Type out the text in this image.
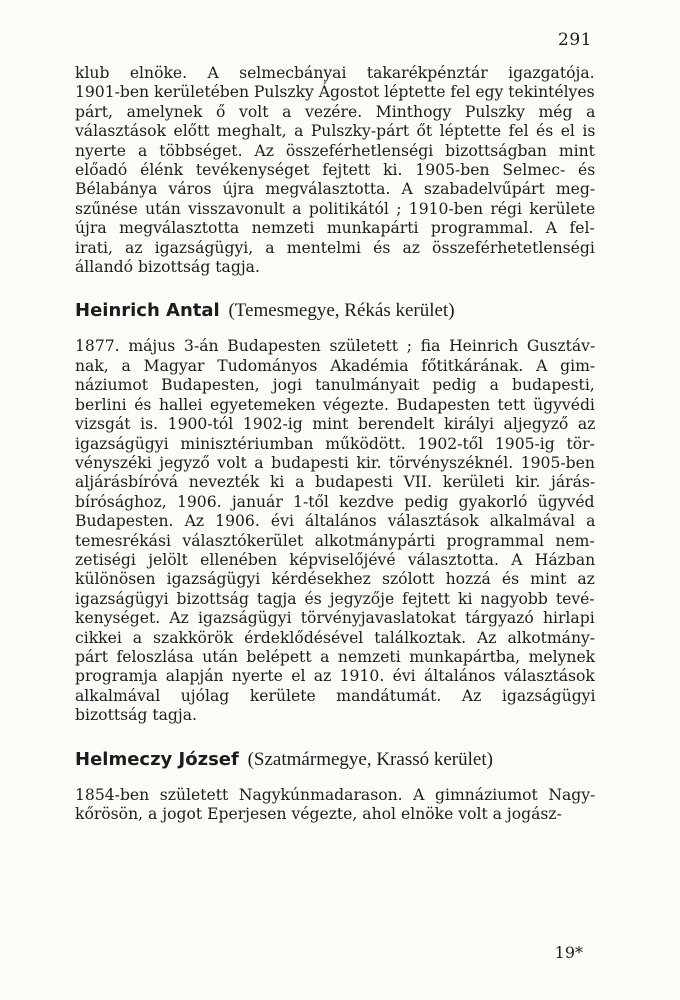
291

klub elnöke. A selmecbányai takarékpénztár igazgatója.
1901-ben kerületében Pulszky Ágostot léptette fel egy tekintélyes
párt, amelynek ő volt a vezére. Minthogy Pulszky még a
választások előtt meghalt, a Pulszky-párt őt léptette fel és el is
nyerte a többséget. Az összeférhetlenségi bizottságban mint
előadó élénk tevékenységet fejtett ki. 1905-ben Selmec- és
Bélabánya város újra megválasztotta. A szabadelvűpárt meg-
szűnése után visszavonult a politikától ; 1910-ben régi kerülete
újra megválasztotta nemzeti munkapárti programmal. A fel-
irati, az igazságügyi, a mentelmi és az összeférhetetlenségi
állandó bizottság tagja.

Heinrich Antal (Temesmegye, Rékás kerület)

1877. május 3-án Budapesten született ; fia Heinrich Gusztáv-
nak, a Magyar Tudományos Akadémia főtitkárának. A gim-
náziumot Budapesten, jogi tanulmányait pedig a budapesti,
berlini és hallei egyetemeken végezte. Budapesten tett ügyvédi
vizsgát is. 1900-tól 1902-ig mint berendelt királyi aljegyző az
igazságügyi minisztériumban működött. 1902-től 1905-ig tör-
vényszéki jegyző volt a budapesti kir. törvényszéknél. 1905-ben
aljárásbíróvá nevezték ki a budapesti VII. kerületi kir. járás-
bírósághoz, 1906. január 1-től kezdve pedig gyakorló ügyvéd
Budapesten. Az 1906. évi általános választások alkalmával a
temesrékási választókerület alkotmánypárti programmal nem-
zetiségi jelölt ellenében képviselőjévé választotta. A Házban
különösen igazságügyi kérdésekhez szólott hozzá és mint az
igazságügyi bizottság tagja és jegyzője fejtett ki nagyobb tevé-
kenységet. Az igazságügyi törvényjavaslatokat tárgyazó hirlapi
cikkei a szakkörök érdeklődésével találkoztak. Az alkotmány-
párt feloszlása után belépett a nemzeti munkapártba, melynek
programja alapján nyerte el az 1910. évi általános választások
alkalmával ujólag kerülete mandátumát. Az igazságügyi
bizottság tagja.

Helmeczy József (Szatmármegye, Krassó kerület)

1854-ben született Nagykúnmadarason. A gimnáziumot Nagy-
kőrösön, a jogot Eperjesen végezte, ahol elnöke volt a jogász-

19*
